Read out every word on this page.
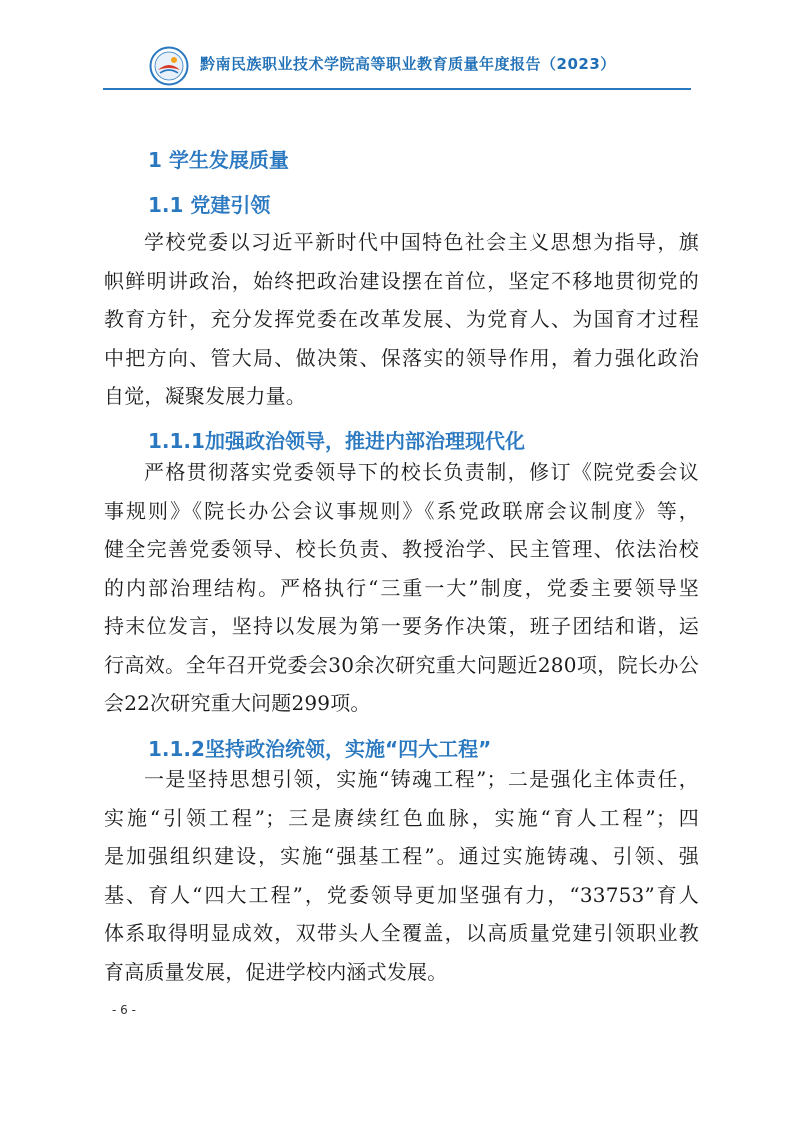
黔南民族职业技术学院高等职业教育质量年度报告（2023）
1 学生发展质量
1.1 党建引领
学校党委以习近平新时代中国特色社会主义思想为指导，旗
帜鲜明讲政治，始终把政治建设摆在首位，坚定不移地贯彻党的
教育方针，充分发挥党委在改革发展、为党育人、为国育才过程
中把方向、管大局、做决策、保落实的领导作用，着力强化政治
自觉，凝聚发展力量。
1.1.1加强政治领导，推进内部治理现代化
严格贯彻落实党委领导下的校长负责制，修订《院党委会议
事规则》《院长办公会议事规则》《系党政联席会议制度》等，
健全完善党委领导、校长负责、教授治学、民主管理、依法治校
的内部治理结构。严格执行“三重一大”制度，党委主要领导坚
持末位发言，坚持以发展为第一要务作决策，班子团结和谐，运
行高效。全年召开党委会30余次研究重大问题近280项，院长办公
会22次研究重大问题299项。
1.1.2坚持政治统领，实施“四大工程”
一是坚持思想引领，实施“铸魂工程”；二是强化主体责任，
实施“引领工程”；三是赓续红色血脉，实施“育人工程”；四
是加强组织建设，实施“强基工程”。通过实施铸魂、引领、强
基、育人“四大工程”，党委领导更加坚强有力，“33753”育人
体系取得明显成效，双带头人全覆盖，以高质量党建引领职业教
育高质量发展，促进学校内涵式发展。
- 6 -
